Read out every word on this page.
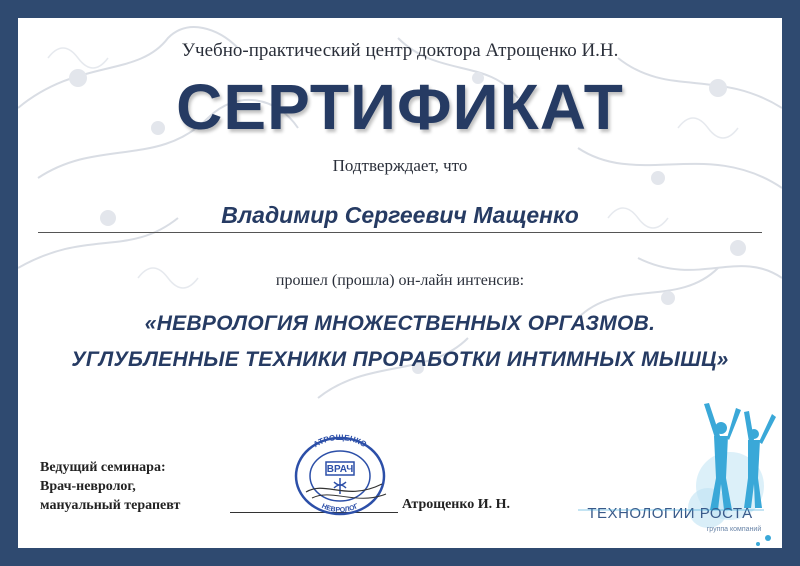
Учебно-практический центр доктора Атрощенко И.Н.
СЕРТИФИКАТ
Подтверждает, что
Владимир Сергеевич Мащенко
прошел (прошла) он-лайн интенсив:
«НЕВРОЛОГИЯ МНОЖЕСТВЕННЫХ ОРГАЗМОВ.
УГЛУБЛЕННЫЕ ТЕХНИКИ ПРОРАБОТКИ ИНТИМНЫХ МЫШЦ»
Ведущий семинара:
Врач-невролог,
мануальный терапевт
АТРОЩЕНКО
НЕВРОЛОГ
ВРАЧ
Атрощенко И. Н.
ТЕХНОЛОГИИ РОСТА
группа компаний
